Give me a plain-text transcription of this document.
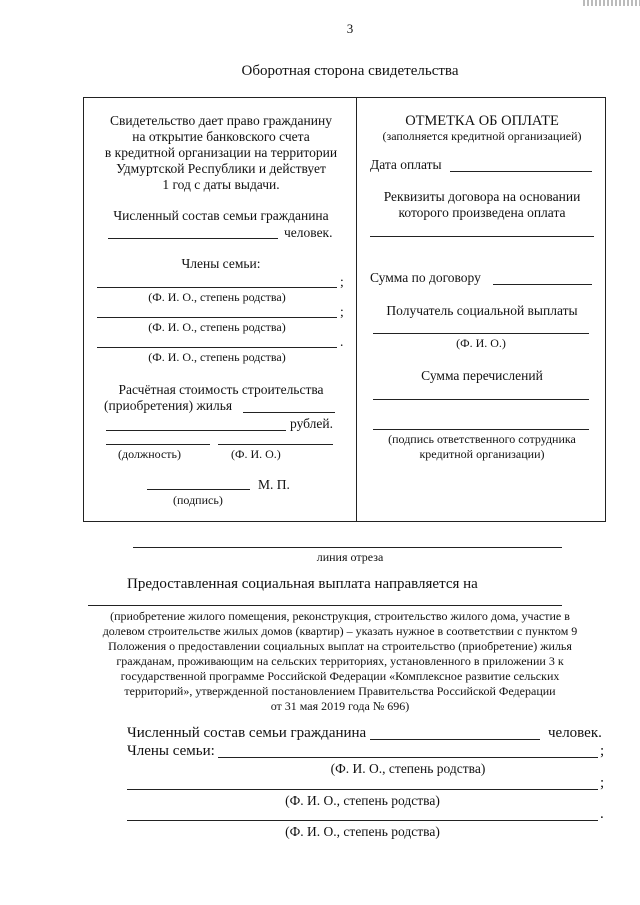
3
Оборотная сторона свидетельства
Свидетельство дает право гражданину
на открытие банковского счета
в кредитной организации на территории
Удмуртской Республики и действует
1 год с даты выдачи.
Численный состав семьи гражданина
человек.
Члены семьи:
;
(Ф. И. О., степень родства)
;
(Ф. И. О., степень родства)
.
(Ф. И. О., степень родства)
Расчётная стоимость строительства
(приобретения) жилья
рублей.
(должность)	(Ф. И. О.)
М. П.
(подпись)
ОТМЕТКА ОБ ОПЛАТЕ
(заполняется кредитной организацией)
Дата оплаты
Реквизиты договора на основании
которого произведена оплата
Сумма по договору
Получатель социальной выплаты
(Ф. И. О.)
Сумма перечислений
(подпись ответственного сотрудника
кредитной организации)
линия отреза
Предоставленная социальная выплата направляется на
(приобретение жилого помещения, реконструкция, строительство жилого дома, участие в
долевом строительстве жилых домов (квартир) – указать нужное в соответствии с пунктом 9
Положения о предоставлении социальных выплат на строительство (приобретение) жилья
гражданам, проживающим на сельских территориях, установленного в приложении 3 к
государственной программе Российской Федерации «Комплексное развитие сельских
территорий», утвержденной постановлением Правительства Российской Федерации
от 31 мая 2019 года № 696)
Численный состав семьи гражданина	человек.
Члены семьи:	;
(Ф. И. О., степень родства)
;
(Ф. И. О., степень родства)
.
(Ф. И. О., степень родства)
